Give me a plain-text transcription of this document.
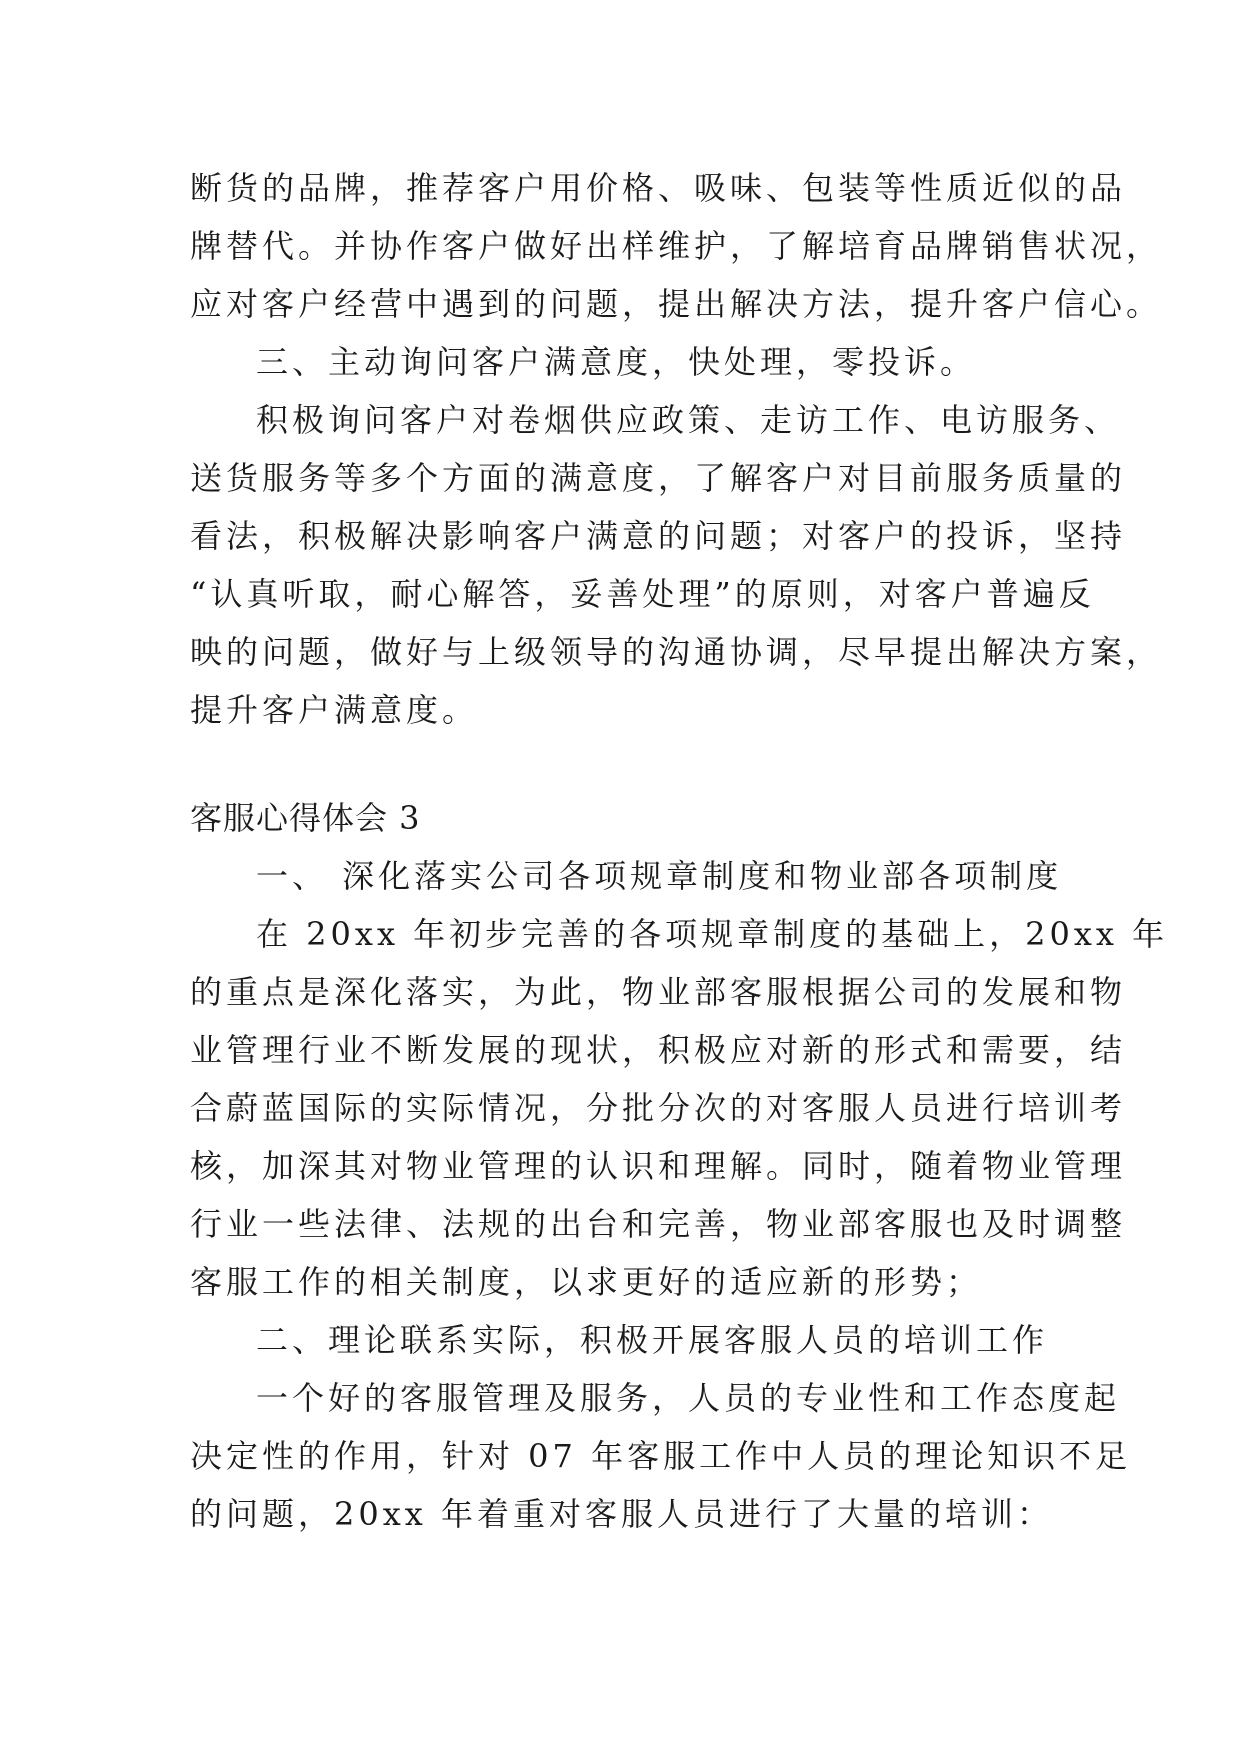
断货的品牌，推荐客户用价格、吸味、包装等性质近似的品
牌替代。并协作客户做好出样维护，了解培育品牌销售状况，
应对客户经营中遇到的问题，提出解决方法，提升客户信心。
三、主动询问客户满意度，快处理，零投诉。
积极询问客户对卷烟供应政策、走访工作、电访服务、
送货服务等多个方面的满意度，了解客户对目前服务质量的
看法，积极解决影响客户满意的问题；对客户的投诉，坚持
“认真听取，耐心解答，妥善处理”的原则，对客户普遍反
映的问题，做好与上级领导的沟通协调，尽早提出解决方案，
提升客户满意度。
客服心得体会 3
一、 深化落实公司各项规章制度和物业部各项制度
在 20xx 年初步完善的各项规章制度的基础上，20xx 年
的重点是深化落实，为此，物业部客服根据公司的发展和物
业管理行业不断发展的现状，积极应对新的形式和需要，结
合蔚蓝国际的实际情况，分批分次的对客服人员进行培训考
核，加深其对物业管理的认识和理解。同时，随着物业管理
行业一些法律、法规的出台和完善，物业部客服也及时调整
客服工作的相关制度，以求更好的适应新的形势；
二、理论联系实际，积极开展客服人员的培训工作
一个好的客服管理及服务，人员的专业性和工作态度起
决定性的作用，针对 07 年客服工作中人员的理论知识不足
的问题，20xx 年着重对客服人员进行了大量的培训：
